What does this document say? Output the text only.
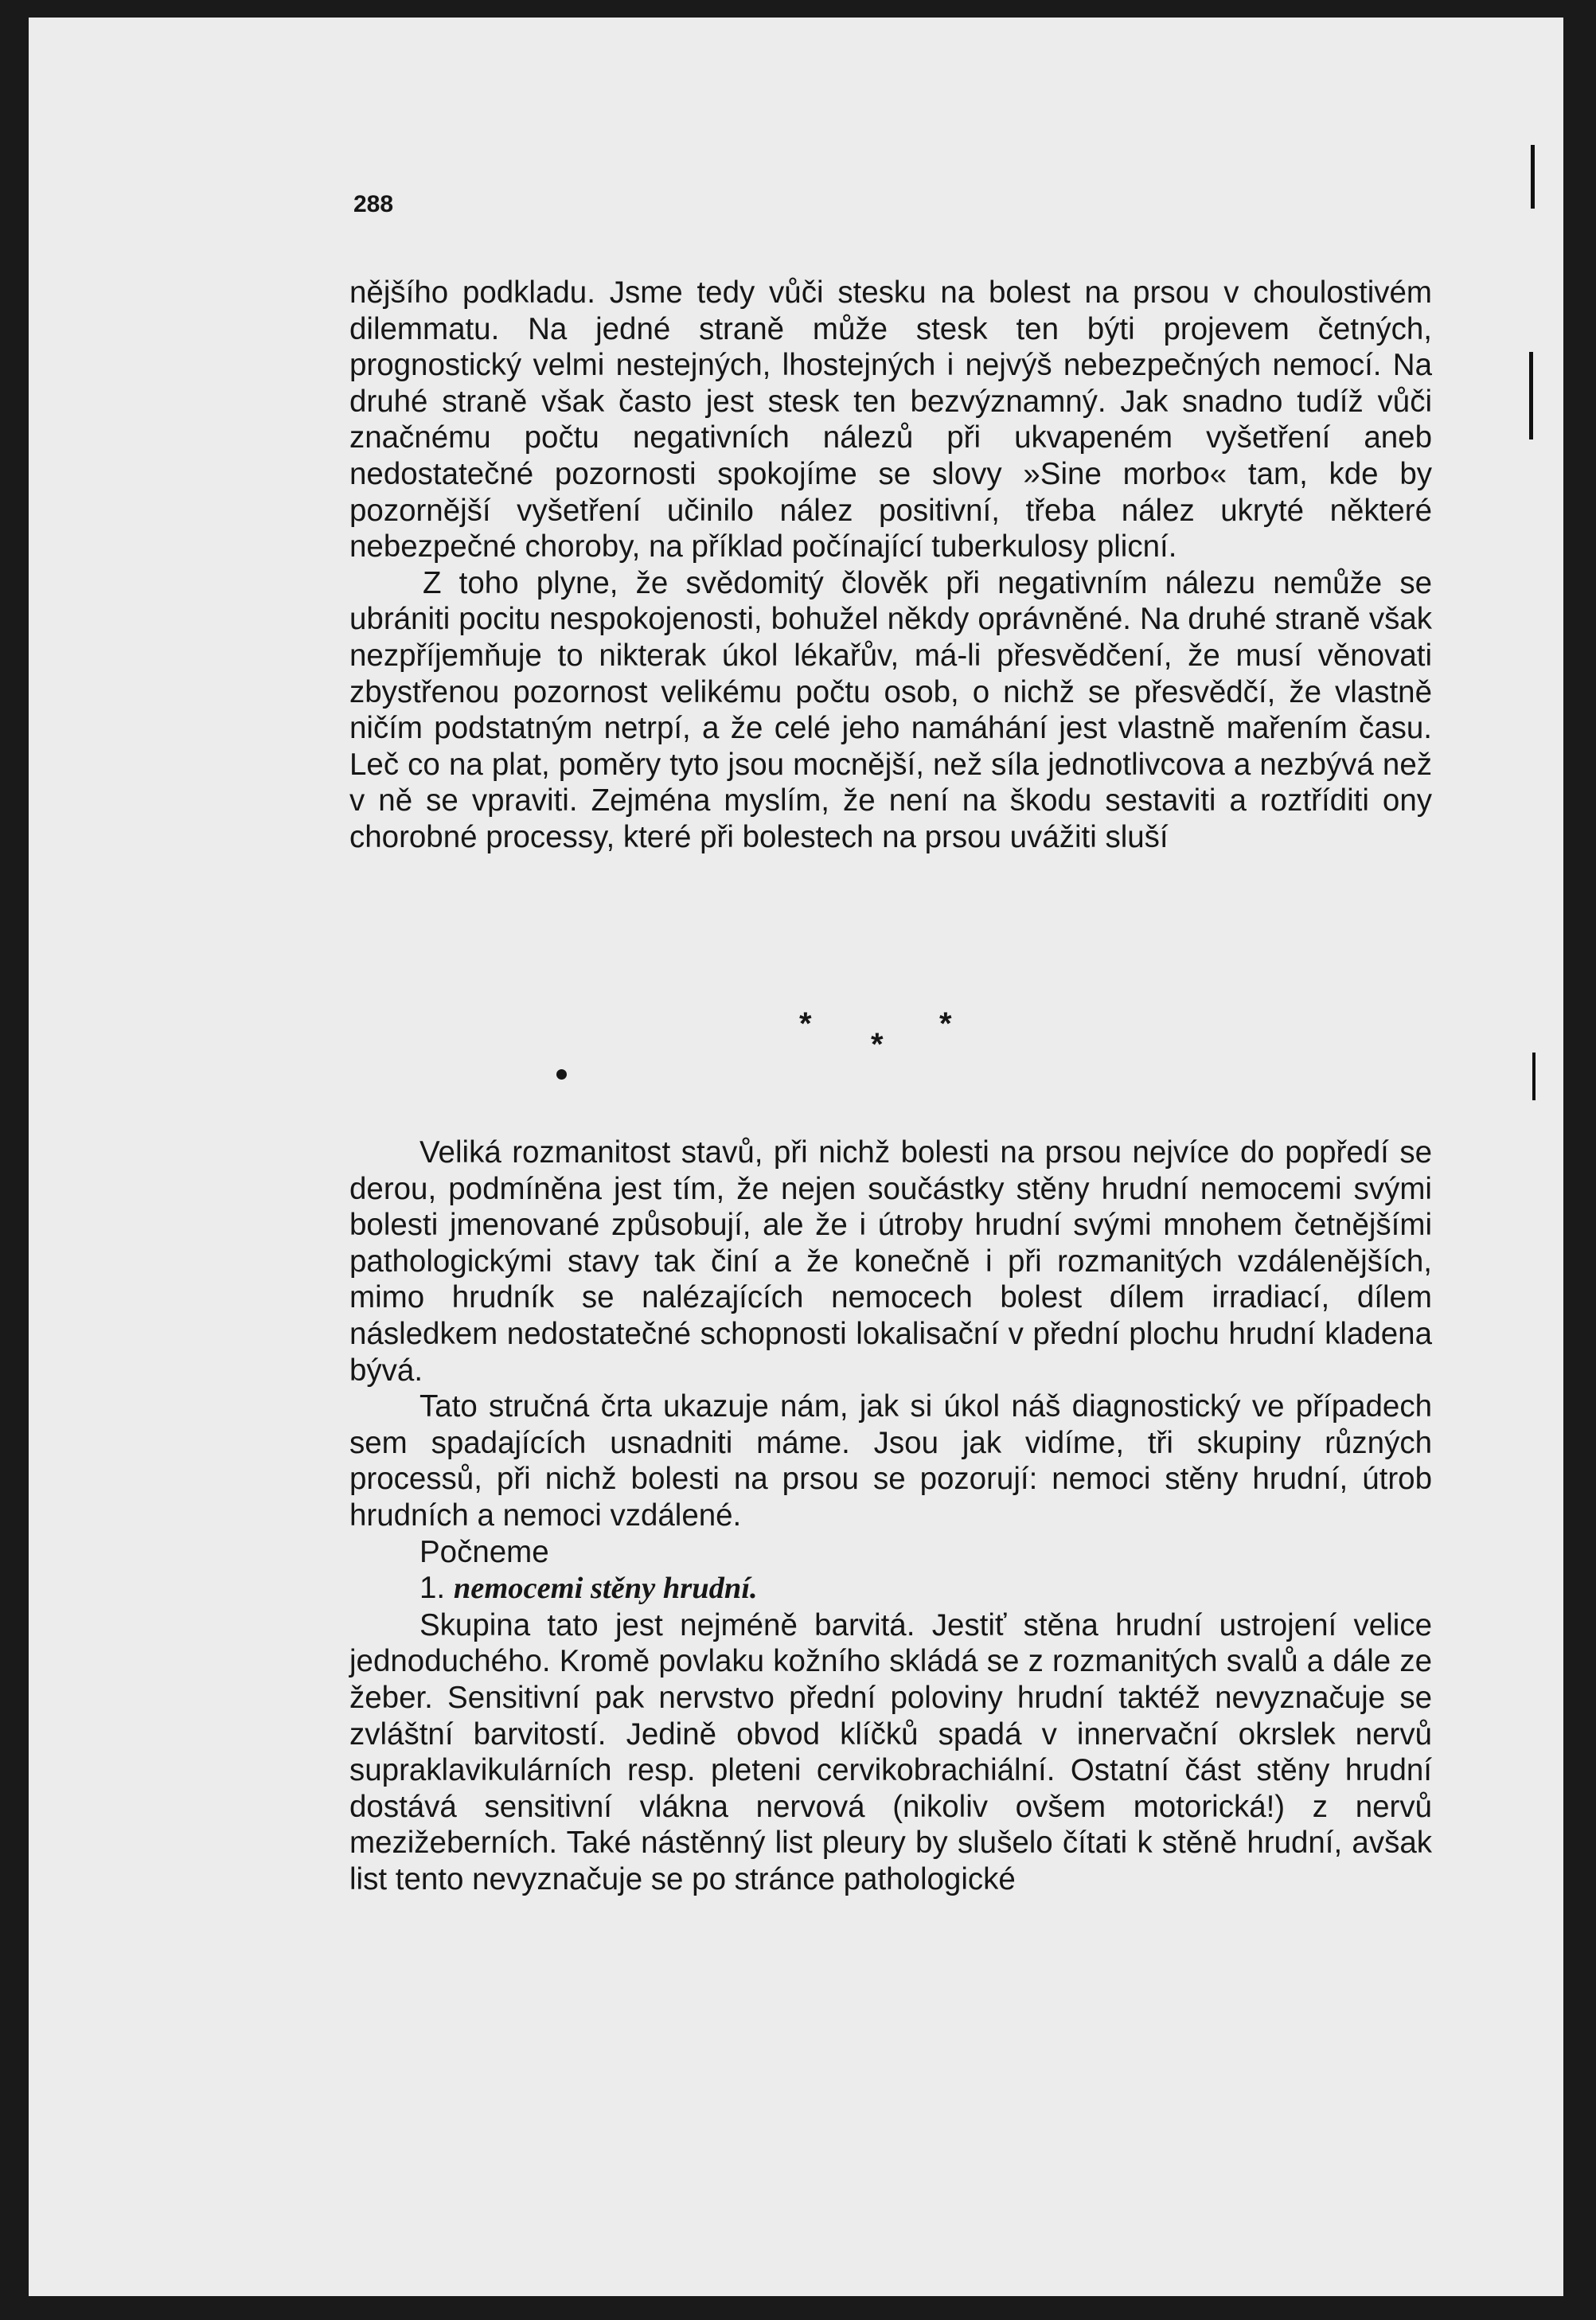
288

nějšího podkladu. Jsme tedy vůči stesku na bolest na prsou v choulostivém dilemmatu. Na jedné straně může stesk ten býti projevem četných, prognostický velmi nestejných, lhostejných i nejvýš nebezpečných nemocí. Na druhé straně však často jest stesk ten bezvýznamný. Jak snadno tudíž vůči značnému počtu negativních nálezů při ukvapeném vyšetření aneb nedostatečné pozornosti spokojíme se slovy »Sine morbo« tam, kde by pozornější vyšetření učinilo nález positivní, třeba nález ukryté některé nebezpečné choroby, na příklad počínající tuberkulosy plicní.

Z toho plyne, že svědomitý člověk při negativním nálezu nemůže se ubrániti pocitu nespokojenosti, bohužel někdy oprávněné. Na druhé straně však nezpříjemňuje to nikterak úkol lékařův, má-li přesvědčení, že musí věnovati zbystřenou pozornost velikému počtu osob, o nichž se přesvědčí, že vlastně ničím podstatným netrpí, a že celé jeho namáhání jest vlastně mařením času. Leč co na plat, poměry tyto jsou mocnější, než síla jednotlivcova a nezbývá než v ně se vpraviti. Zejména myslím, že není na škodu sestaviti a roztříditi ony chorobné processy, které při bolestech na prsou uvážiti sluší

*
*
*

Veliká rozmanitost stavů, při nichž bolesti na prsou nejvíce do popředí se derou, podmíněna jest tím, že nejen součástky stěny hrudní nemocemi svými bolesti jmenované způsobují, ale že i útroby hrudní svými mnohem četnějšími pathologickými stavy tak činí a že konečně i při rozmanitých vzdálenějších, mimo hrudník se nalézajících nemocech bolest dílem irradiací, dílem následkem nedostatečné schopnosti lokalisační v přední plochu hrudní kladena bývá.

Tato stručná črta ukazuje nám, jak si úkol náš diagnostický ve případech sem spadajících usnadniti máme. Jsou jak vidíme, tři skupiny různých processů, při nichž bolesti na prsou se pozorují: nemoci stěny hrudní, útrob hrudních a nemoci vzdálené.

Počneme

1. nemocemi stěny hrudní.

Skupina tato jest nejméně barvitá. Jestiť stěna hrudní ustrojení velice jednoduchého. Kromě povlaku kožního skládá se z rozmanitých svalů a dále ze žeber. Sensitivní pak nervstvo přední poloviny hrudní taktéž nevyznačuje se zvláštní barvitostí. Jedině obvod klíčků spadá v innervační okrslek nervů supraklavikulárních resp. pleteni cervikobrachiální. Ostatní část stěny hrudní dostává sensitivní vlákna nervová (nikoliv ovšem motorická!) z nervů mezižeberních. Také nástěnný list pleury by slušelo čítati k stěně hrudní, avšak list tento nevyznačuje se po stránce pathologické
